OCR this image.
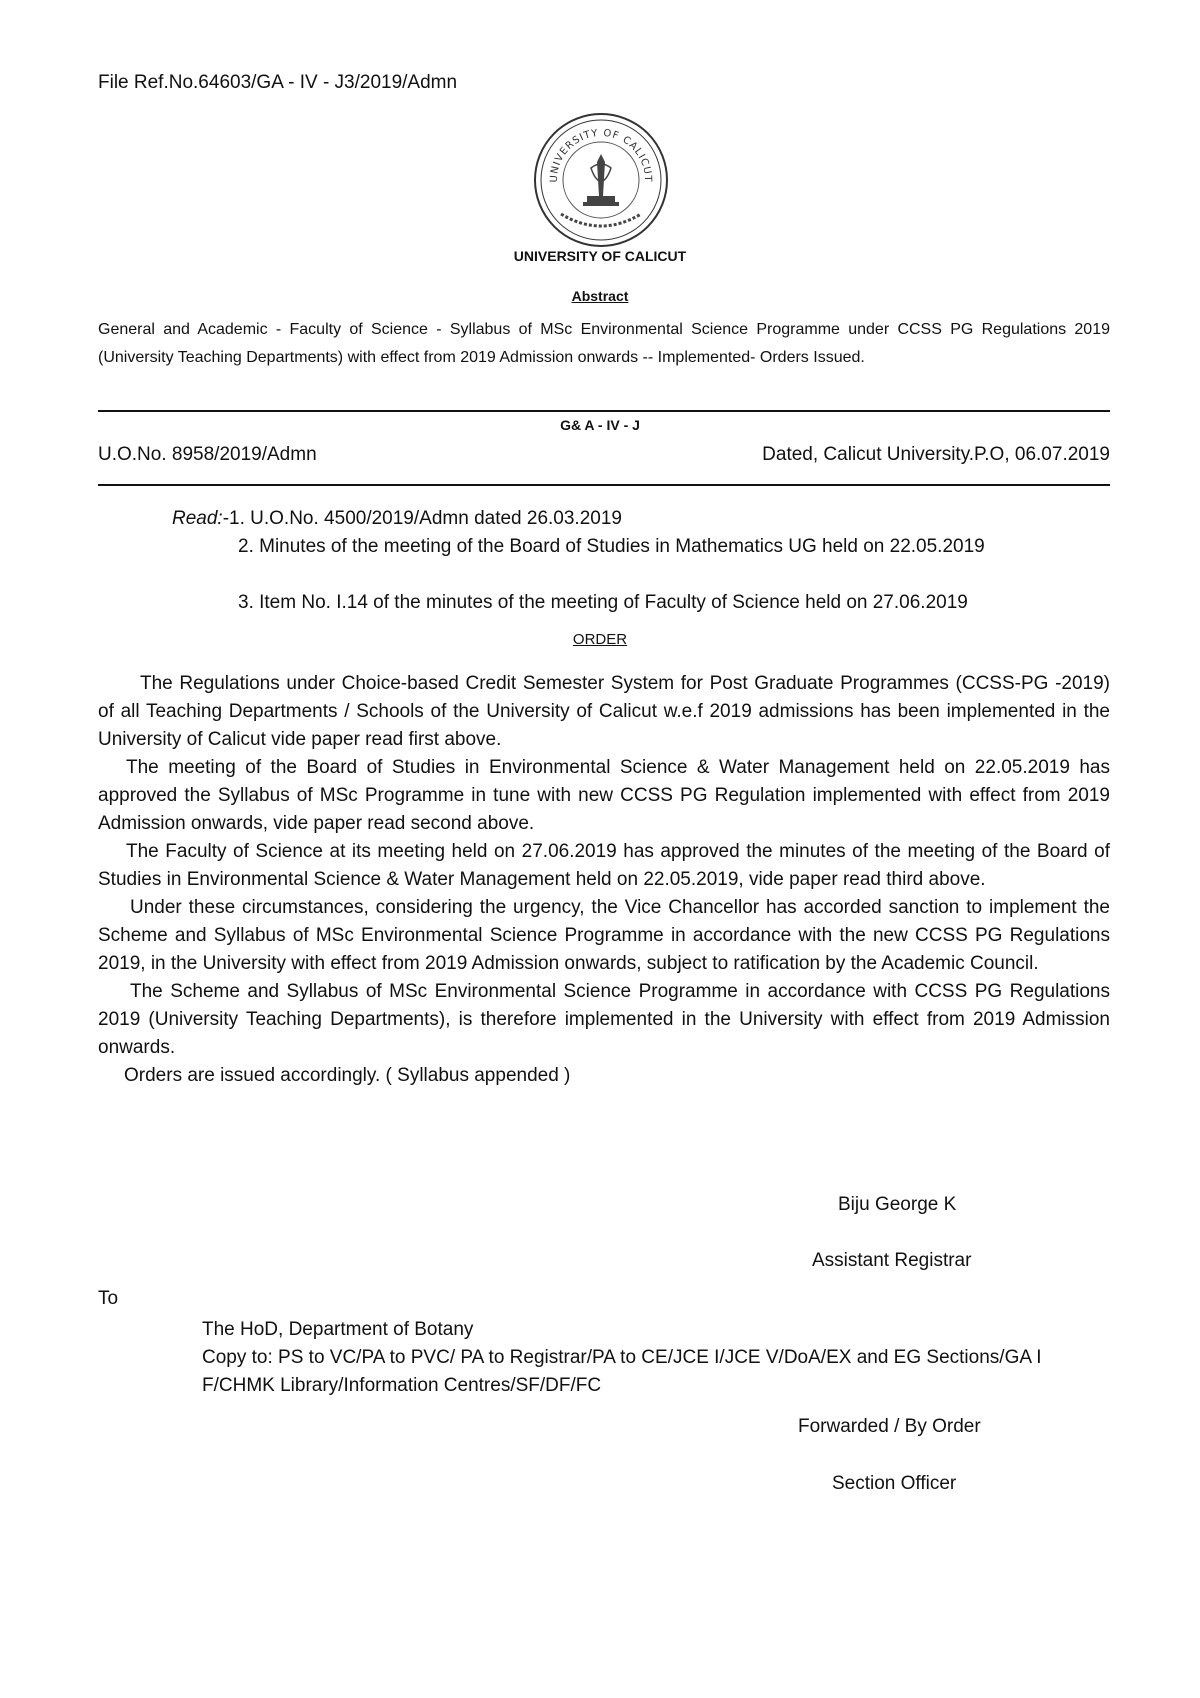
File Ref.No.64603/GA - IV - J3/2019/Admn
UNIVERSITY OF CALICUT
UNIVERSITY OF CALICUT
Abstract
General and Academic - Faculty of Science - Syllabus of MSc Environmental Science Programme under CCSS PG Regulations 2019 (University Teaching Departments) with effect from 2019 Admission onwards -- Implemented- Orders Issued.
G& A - IV - J
U.O.No. 8958/2019/Admn	Dated, Calicut University.P.O, 06.07.2019
Read:-1. U.O.No. 4500/2019/Admn dated 26.03.2019
2. Minutes of the meeting of the Board of Studies in Mathematics UG held on 22.05.2019
3. Item No. I.14 of the minutes of the meeting of Faculty of Science held on 27.06.2019
ORDER

The Regulations under Choice-based Credit Semester System for Post Graduate Programmes (CCSS-PG -2019) of all Teaching Departments / Schools of the University of Calicut w.e.f 2019 admissions has been implemented in the University of Calicut vide paper read first above.

The meeting of the Board of Studies in Environmental Science & Water Management held on 22.05.2019 has approved the Syllabus of MSc Programme in tune with new CCSS PG Regulation implemented with effect from 2019 Admission onwards, vide paper read second above.

The Faculty of Science at its meeting held on 27.06.2019 has approved the minutes of the meeting of the Board of Studies in Environmental Science & Water Management held on 22.05.2019, vide paper read third above.

Under these circumstances, considering the urgency, the Vice Chancellor has accorded sanction to implement the Scheme and Syllabus of MSc Environmental Science Programme in accordance with the new CCSS PG Regulations 2019, in the University with effect from 2019 Admission onwards, subject to ratification by the Academic Council.

The Scheme and Syllabus of MSc Environmental Science Programme in accordance with CCSS PG Regulations 2019 (University Teaching Departments), is therefore implemented in the University with effect from 2019 Admission onwards.

Orders are issued accordingly. ( Syllabus appended )

Biju George K
Assistant Registrar
To
The HoD, Department of Botany
Copy to: PS to VC/PA to PVC/ PA to Registrar/PA to CE/JCE I/JCE V/DoA/EX and EG Sections/GA I F/CHMK Library/Information Centres/SF/DF/FC
Forwarded / By Order
Section Officer
